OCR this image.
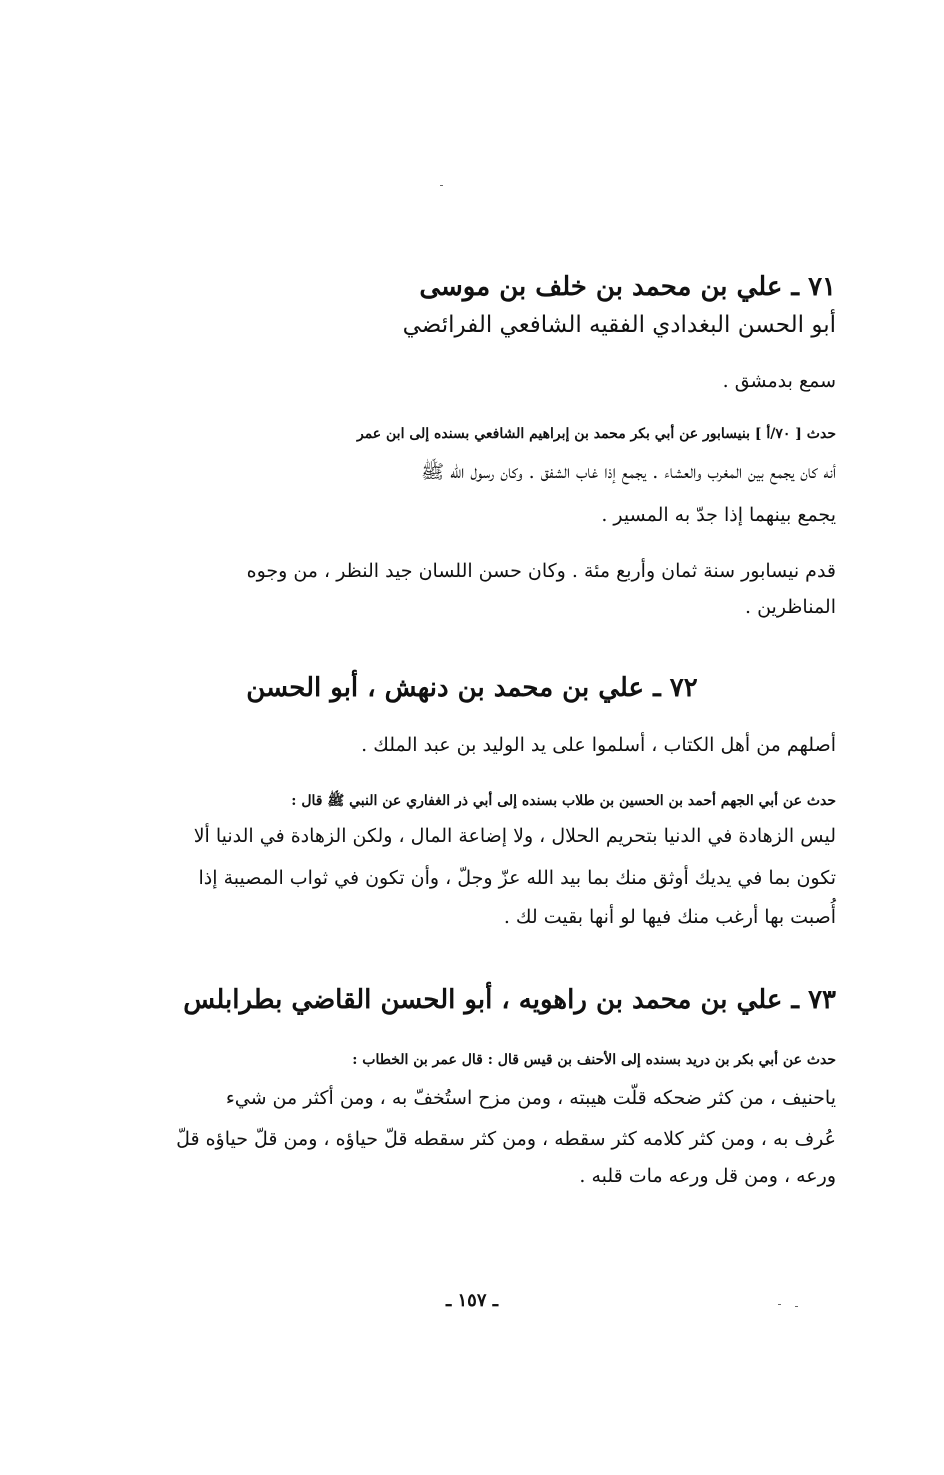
٧١ ـ علي بن محمد بن خلف بن موسى
أبو الحسن البغدادي الفقيه الشافعي الفرائضي
سمع بدمشق .
حدث [ ٧٠/أ ] بنيسابور عن أبي بكر محمد بن إبراهيم الشافعي بسنده إلى ابن عمر
أنه كان يجمع بين المغرب والعشاء . يجمع إذا غاب الشفق . وكان رسول الله ﷺ
يجمع بينهما إذا جدّ به المسير .
قدم نيسابور سنة ثمان وأربع مئة . وكان حسن اللسان جيد النظر ، من وجوه
المناظرين .
٧٢ ـ علي بن محمد بن دنهش ، أبو الحسن
أصلهم من أهل الكتاب ، أسلموا على يد الوليد بن عبد الملك .
حدث عن أبي الجهم أحمد بن الحسين بن طلاب بسنده إلى أبي ذر الغفاري عن النبي ﷺ قال :
ليس الزهادة في الدنيا بتحريم الحلال ، ولا إضاعة المال ، ولكن الزهادة في الدنيا ألا
تكون بما في يديك أوثق منك بما بيد الله عزّ وجلّ ، وأن تكون في ثواب المصيبة إذا
أُصبت بها أرغب منك فيها لو أنها بقيت لك .
٧٣ ـ علي بن محمد بن راهويه ، أبو الحسن القاضي بطرابلس
حدث عن أبي بكر بن دريد بسنده إلى الأحنف بن قيس قال : قال عمر بن الخطاب :
ياحنيف ، من كثر ضحكه قلّت هيبته ، ومن مزح استُخفّ به ، ومن أكثر من شيء
عُرف به ، ومن كثر كلامه كثر سقطه ، ومن كثر سقطه قلّ حياؤه ، ومن قلّ حياؤه قلّ
ورعه ، ومن قل ورعه مات قلبه .
ـ ١٥٧ ـ
